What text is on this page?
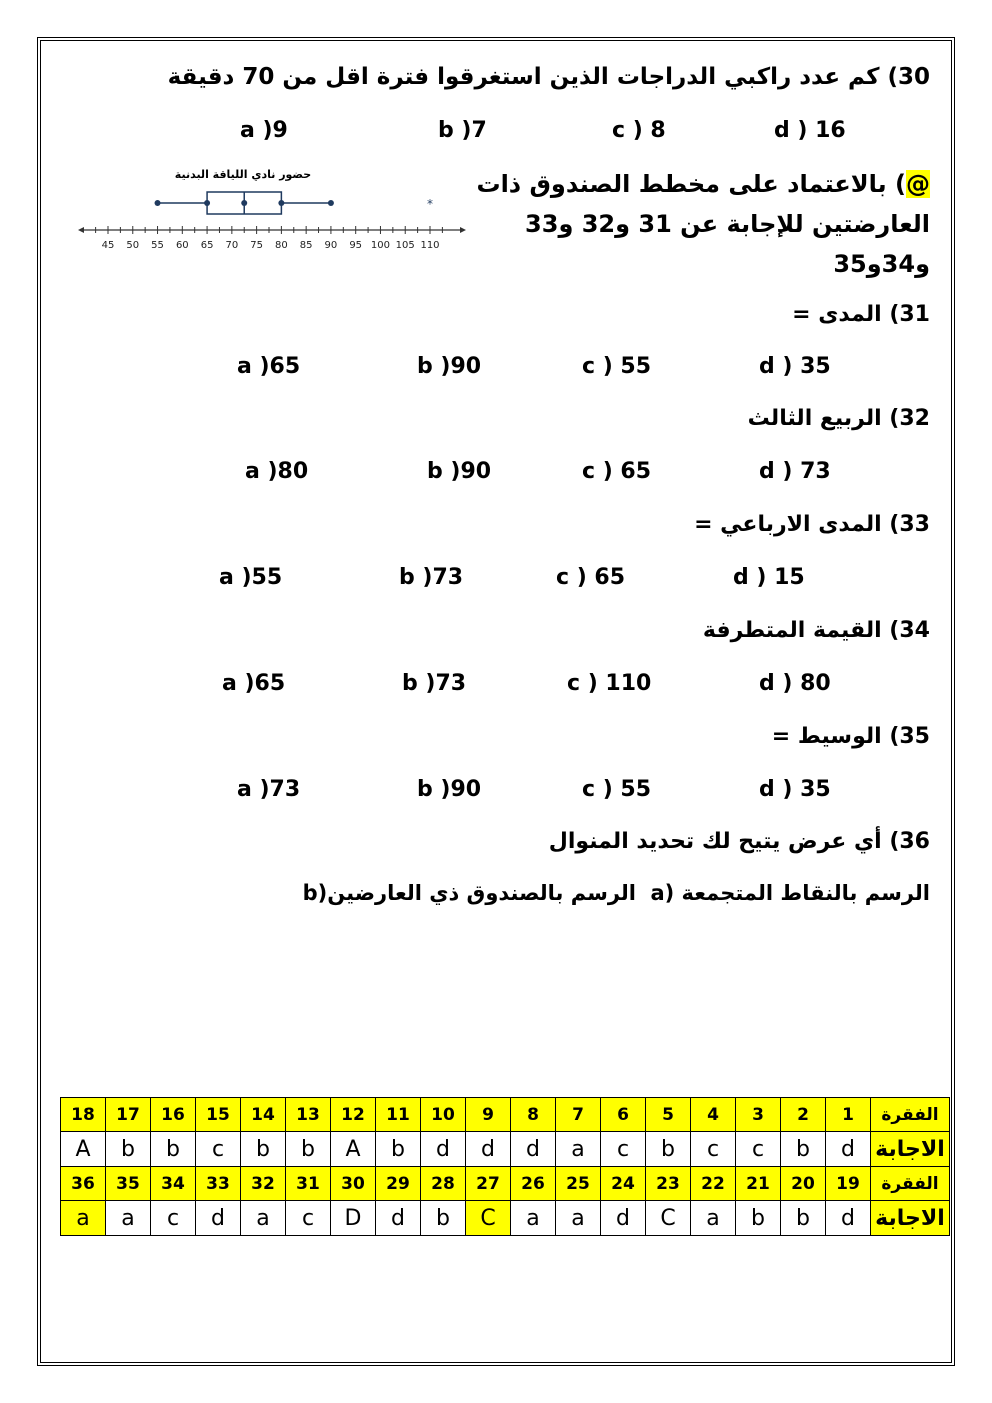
30) كم عدد راكبي الدراجات الذين استغرقوا فترة اقل من 70 دقيقة
a )9	b )7	c ) 8	d ) 16
حضور نادي اللياقة البدنية
45 50 55 60 65 70 75 80 85 90 95 100 105 110
*
@) بالاعتماد على مخطط الصندوق ذات
العارضتين للإجابة عن 31 و32 و33
و34و35
31) المدى =
a )65	b )90	c ) 55	d ) 35
32) الربيع الثالث
a )80	b )90	c ) 65	d ) 73
33) المدى الارباعي =
a )55	b )73	c ) 65	d ) 15
34) القيمة المتطرفة
a )65	b )73	c ) 110	d ) 80
35) الوسيط =
a )73	b )90	c ) 55	d ) 35
36) أي عرض يتيح لك تحديد المنوال
الرسم بالنقاط المتجمعة (a
الرسم بالصندوق ذي العارضين(b
الفقرة	1	2	3	4	5	6	7	8	9	10	11	12	13	14	15	16	17	18
الاجابة	d	b	c	c	b	c	a	d	d	d	b	A	b	b	c	b	b	A
الفقرة	19	20	21	22	23	24	25	26	27	28	29	30	31	32	33	34	35	36
الاجابة	d	b	b	a	C	d	a	a	C	b	d	D	c	a	d	c	a	a
